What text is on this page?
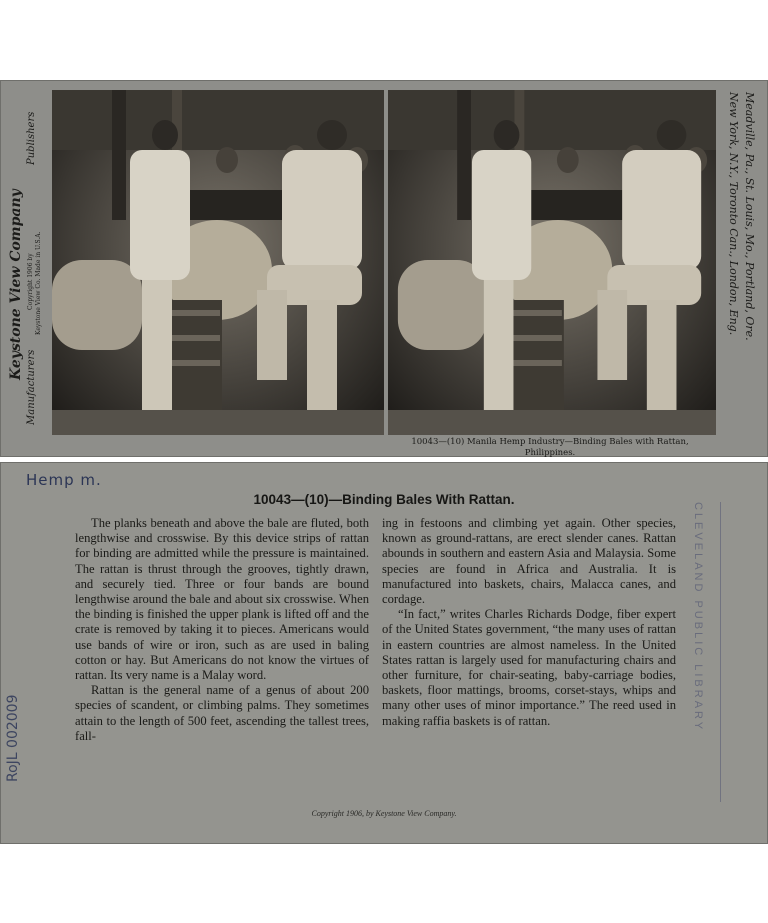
Keystone View Company
Manufacturers
Publishers
Copyright 1906 by Keystone View Co. Made in U.S.A.
10043—(10) Manila Hemp Industry—Binding Bales with Rattan,
Philippines.
Meadville, Pa., St. Louis, Mo., Portland, Ore.
New York, N.Y., Toronto Can., London, Eng.
Hemp m.
RoJL 002009
10043—(10)—Binding Bales With Rattan.

The planks beneath and above the bale are fluted, both lengthwise and crosswise. By this device strips of rattan for binding are admitted while the pressure is maintained. The rattan is thrust through the grooves, tightly drawn, and securely tied. Three or four bands are bound lengthwise around the bale and about six crosswise. When the binding is finished the upper plank is lifted off and the crate is removed by taking it to pieces. Americans would use bands of wire or iron, such as are used in baling cotton or hay. But Americans do not know the virtues of rattan. Its very name is a Malay word.

Rattan is the general name of a genus of about 200 species of scandent, or climbing palms. They sometimes attain to the length of 500 feet, ascending the tallest trees, fall-

ing in festoons and climbing yet again. Other species, known as ground-rattans, are erect slender canes. Rattan abounds in southern and eastern Asia and Malaysia. Some species are found in Africa and Australia. It is manufactured into baskets, chairs, Malacca canes, and cordage.

“In fact,” writes Charles Richards Dodge, fiber expert of the United States government, “the many uses of rattan in eastern countries are almost nameless. In the United States rattan is largely used for manufacturing chairs and other furniture, for chair-seating, baby-carriage bodies, baskets, floor mattings, brooms, corset-stays, whips and many other uses of minor importance.” The reed used in making raffia baskets is of rattan.

Copyright 1906, by Keystone View Company.
CLEVELAND PUBLIC LIBRARY
